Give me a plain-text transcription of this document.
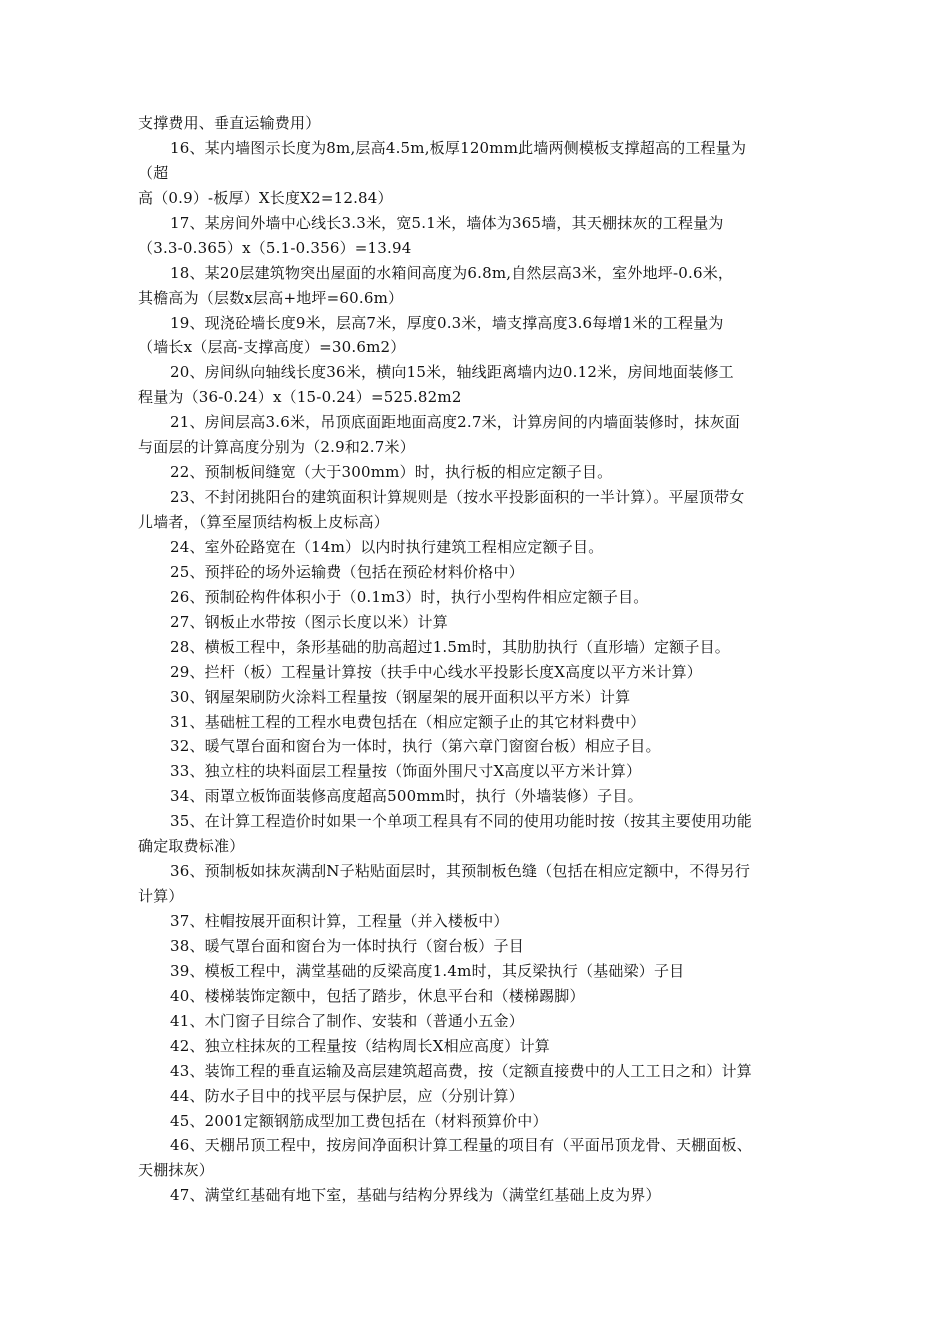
支撑费用、垂直运输费用）
16、某内墙图示长度为8m,层高4.5m,板厚120mm此墙两侧模板支撑超高的工程量为
（超
高（0.9）-板厚）X长度X2=12.84）
17、某房间外墙中心线长3.3米，宽5.1米，墙体为365墙，其天棚抹灰的工程量为
（3.3-0.365）x（5.1-0.356）=13.94
18、某20层建筑物突出屋面的水箱间高度为6.8m,自然层高3米，室外地坪-0.6米，
其檐高为（层数x层高+地坪=60.6m）
19、现浇砼墙长度9米，层高7米，厚度0.3米，墙支撑高度3.6每增1米的工程量为
（墙长x（层高-支撑高度）=30.6m2）
20、房间纵向轴线长度36米，横向15米，轴线距离墙内边0.12米，房间地面装修工
程量为（36-0.24）x（15-0.24）=525.82m2
21、房间层高3.6米，吊顶底面距地面高度2.7米，计算房间的内墙面装修时，抹灰面
与面层的计算高度分别为（2.9和2.7米）
22、预制板间缝宽（大于300mm）时，执行板的相应定额子目。
23、不封闭挑阳台的建筑面积计算规则是（按水平投影面积的一半计算）。平屋顶带女
儿墙者，（算至屋顶结构板上皮标高）
24、室外砼路宽在（14m）以内时执行建筑工程相应定额子目。
25、预拌砼的场外运输费（包括在预砼材料价格中）
26、预制砼构件体积小于（0.1m3）时，执行小型构件相应定额子目。
27、钢板止水带按（图示长度以米）计算
28、横板工程中，条形基础的肋高超过1.5m时，其肋肋执行（直形墙）定额子目。
29、拦杆（板）工程量计算按（扶手中心线水平投影长度X高度以平方米计算）
30、钢屋架刷防火涂料工程量按（钢屋架的展开面积以平方米）计算
31、基础桩工程的工程水电费包括在（相应定额子止的其它材料费中）
32、暖气罩台面和窗台为一体时，执行（第六章门窗窗台板）相应子目。
33、独立柱的块料面层工程量按（饰面外围尺寸X高度以平方米计算）
34、雨罩立板饰面装修高度超高500mm时，执行（外墙装修）子目。
35、在计算工程造价时如果一个单项工程具有不同的使用功能时按（按其主要使用功能
确定取费标准）
36、预制板如抹灰满刮N子粘贴面层时，其预制板色缝（包括在相应定额中，不得另行
计算）
37、柱帽按展开面积计算，工程量（并入楼板中）
38、暖气罩台面和窗台为一体时执行（窗台板）子目
39、模板工程中，满堂基础的反梁高度1.4m时，其反梁执行（基础梁）子目
40、楼梯装饰定额中，包括了踏步，休息平台和（楼梯踢脚）
41、木门窗子目综合了制作、安装和（普通小五金）
42、独立柱抹灰的工程量按（结构周长X相应高度）计算
43、装饰工程的垂直运输及高层建筑超高费，按（定额直接费中的人工工日之和）计算
44、防水子目中的找平层与保护层，应（分别计算）
45、2001定额钢筋成型加工费包括在（材料预算价中）
46、天棚吊顶工程中，按房间净面积计算工程量的项目有（平面吊顶龙骨、天棚面板、
天棚抹灰）
47、满堂红基础有地下室，基础与结构分界线为（满堂红基础上皮为界）
